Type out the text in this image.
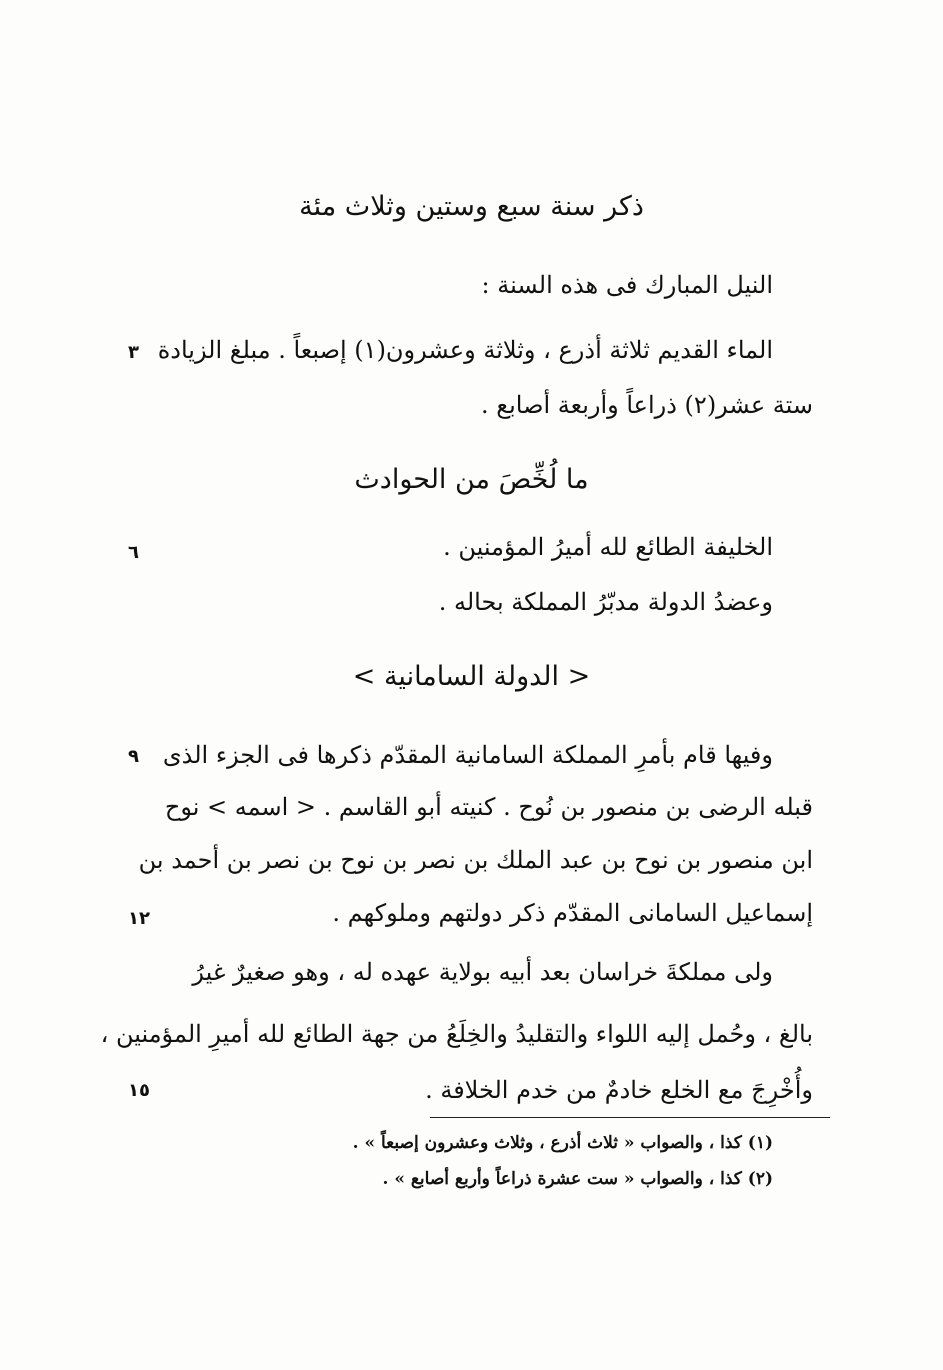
ذكر سنة سبع وستين وثلاث مئة
النيل المبارك فى هذه السنة :
الماء القديم ثلاثة أذرع ، وثلاثة وعشرون(١) إصبعاً . مبلغ الزيادة
٣
ستة عشر(٢) ذراعاً وأربعة أصابع .
ما لُخِّصَ من الحوادث
الخليفة الطائع لله أميرُ المؤمنين .
٦
وعضدُ الدولة مدبّرُ المملكة بحاله .
< الدولة السامانية >
وفيها قام بأمرِ المملكة السامانية المقدّم ذكرها فى الجزء الذى
٩
قبله الرضى بن منصور بن نُوح . كنيته أبو القاسم . < اسمه > نوح
ابن منصور بن نوح بن عبد الملك بن نصر بن نوح بن نصر بن أحمد بن
إسماعيل السامانى المقدّم ذكر دولتهم وملوكهم .
١٢
ولى مملكةَ خراسان بعد أبيه بولاية عهده له ، وهو صغيرٌ غيرُ
بالغ ، وحُمل إليه اللواء والتقليدُ والخِلَعُ من جهة الطائع لله أميرِ المؤمنين ،
وأُخْرِجَ مع الخلع خادمٌ من خدم الخلافة .
١٥
(١) كذا ، والصواب « ثلاث أذرع ، وثلاث وعشرون إصبعاً » .
(٢) كذا ، والصواب « ست عشرة ذراعاً وأربع أصابع » .
